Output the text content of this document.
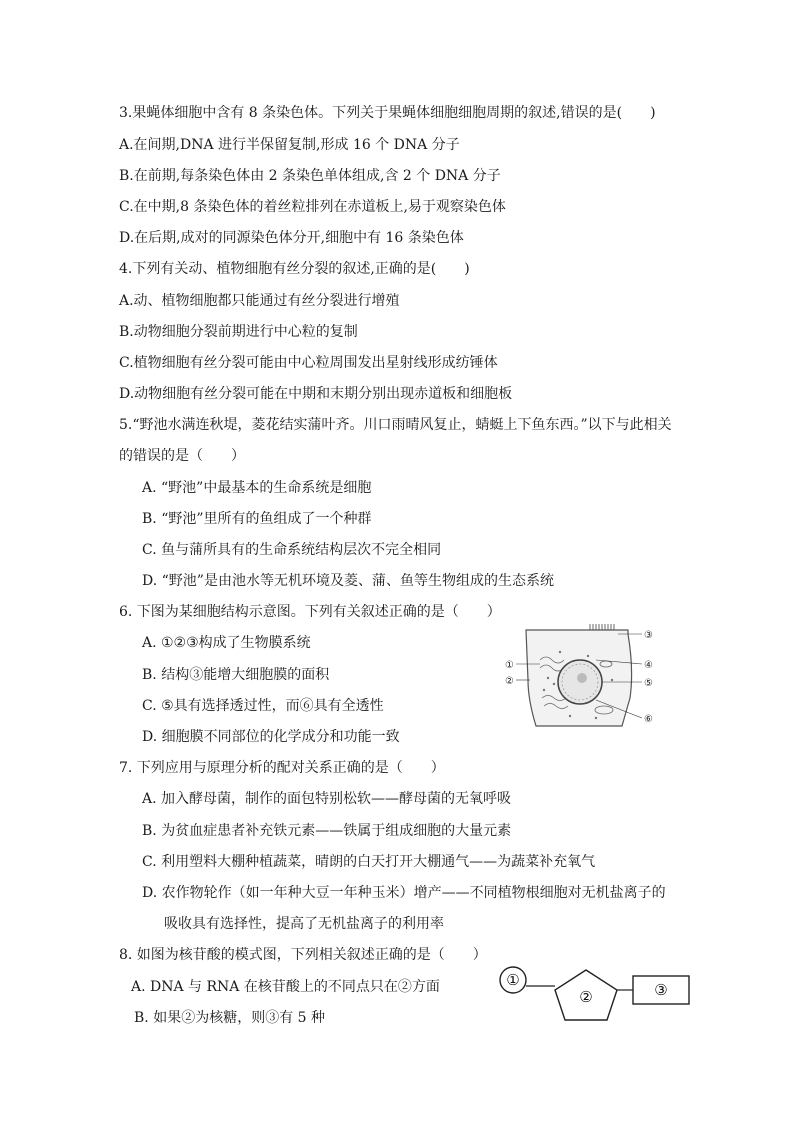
3.果蝇体细胞中含有 8 条染色体。下列关于果蝇体细胞细胞周期的叙述,错误的是(　　)
A.在间期,DNA 进行半保留复制,形成 16 个 DNA 分子
B.在前期,每条染色体由 2 条染色单体组成,含 2 个 DNA 分子
C.在中期,8 条染色体的着丝粒排列在赤道板上,易于观察染色体
D.在后期,成对的同源染色体分开,细胞中有 16 条染色体
4.下列有关动、植物细胞有丝分裂的叙述,正确的是(　　)
A.动、植物细胞都只能通过有丝分裂进行增殖
B.动物细胞分裂前期进行中心粒的复制
C.植物细胞有丝分裂可能由中心粒周围发出星射线形成纺锤体
D.动物细胞有丝分裂可能在中期和末期分别出现赤道板和细胞板
5.“野池水满连秋堤，菱花结实蒲叶齐。川口雨晴风复止，蜻蜓上下鱼东西。”以下与此相关
的错误的是（　　）
A. “野池”中最基本的生命系统是细胞
B. “野池”里所有的鱼组成了一个种群
C. 鱼与蒲所具有的生命系统结构层次不完全相同
D. “野池”是由池水等无机环境及菱、蒲、鱼等生物组成的生态系统
6. 下图为某细胞结构示意图。下列有关叙述正确的是（　　）
A. ①②③构成了生物膜系统
B. 结构③能增大细胞膜的面积
C. ⑤具有选择透过性，而⑥具有全透性
D. 细胞膜不同部位的化学成分和功能一致
③
①
②
④
⑤
⑥
7. 下列应用与原理分析的配对关系正确的是（　　）
A. 加入酵母菌，制作的面包特别松软——酵母菌的无氧呼吸
B. 为贫血症患者补充铁元素——铁属于组成细胞的大量元素
C. 利用塑料大棚种植蔬菜，晴朗的白天打开大棚通气——为蔬菜补充氧气
D. 农作物轮作（如一年种大豆一年种玉米）增产——不同植物根细胞对无机盐离子的
吸收具有选择性，提高了无机盐离子的利用率
8. 如图为核苷酸的模式图，下列相关叙述正确的是（　　）
A. DNA 与 RNA 在核苷酸上的不同点只在②方面
B. 如果②为核糖，则③有 5 种
①
②	③
